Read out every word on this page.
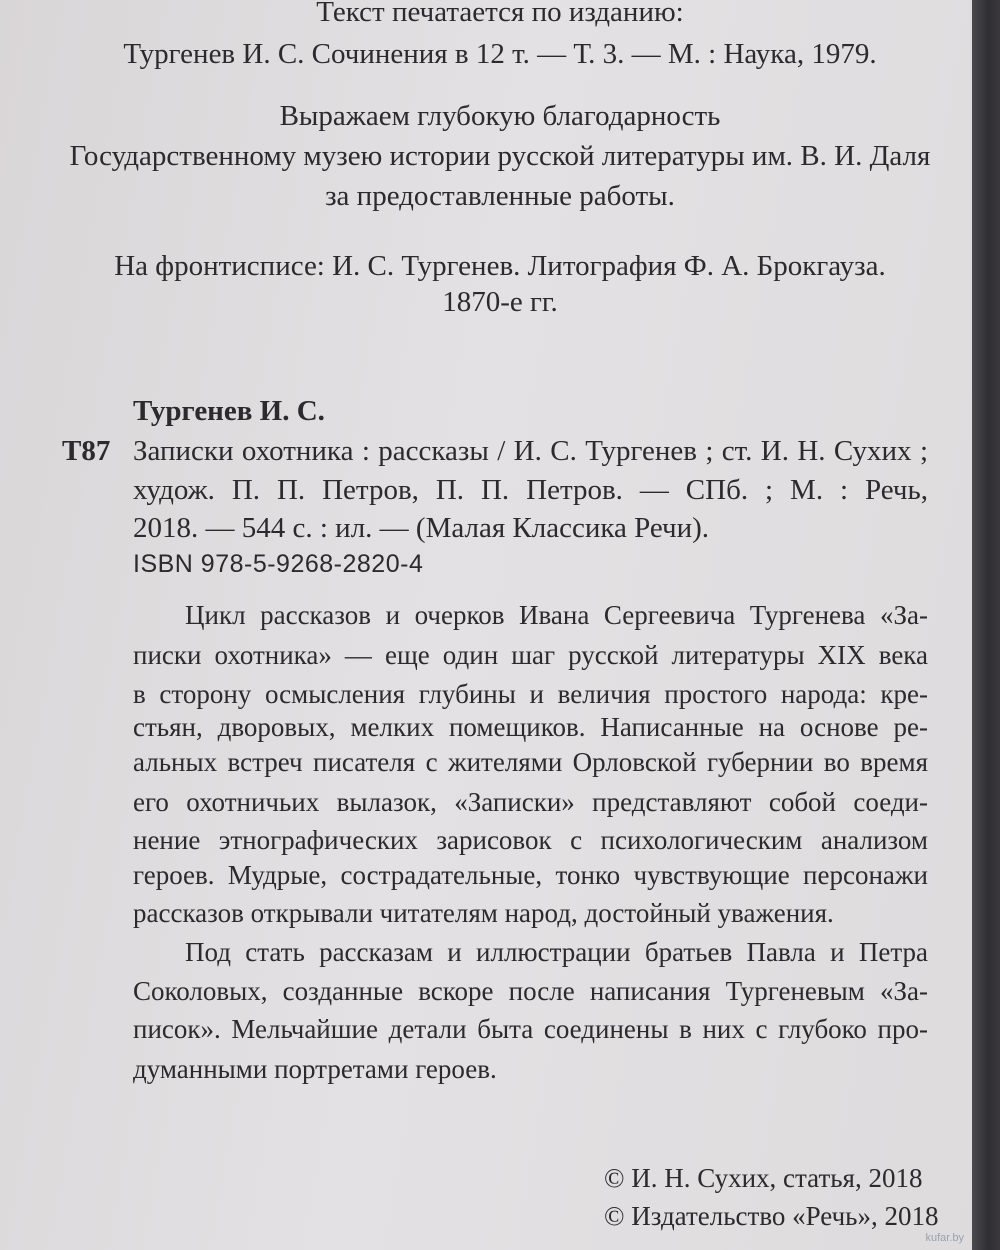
Текст печатается по изданию:
Тургенев И. С. Сочинения в 12 т. — Т. 3. — М. : Наука, 1979.
Выражаем глубокую благодарность
Государственному музею истории русской литературы им. В. И. Даля
за предоставленные работы.
На фронтисписе: И. С. Тургенев. Литография Ф. А. Брокгауза.
1870-е гг.
Тургенев И. С.
Т87 Записки охотника : рассказы / И. С. Тургенев ; ст. И. Н. Сухих ;
худож. П. П. Петров, П. П. Петров. — СПб. ; М. : Речь,
2018. — 544 с. : ил. — (Малая Классика Речи).
ISBN 978-5-9268-2820-4
Цикл рассказов и очерков Ивана Сергеевича Тургенева «За-
писки охотника» — еще один шаг русской литературы XIX века
в сторону осмысления глубины и величия простого народа: кре-
стьян, дворовых, мелких помещиков. Написанные на основе ре-
альных встреч писателя с жителями Орловской губернии во время
его охотничьих вылазок, «Записки» представляют собой соеди-
нение этнографических зарисовок с психологическим анализом
героев. Мудрые, сострадательные, тонко чувствующие персонажи
рассказов открывали читателям народ, достойный уважения.
Под стать рассказам и иллюстрации братьев Павла и Петра
Соколовых, созданные вскоре после написания Тургеневым «За-
писок». Мельчайшие детали быта соединены в них с глубоко про-
думанными портретами героев.
© И. Н. Сухих, статья, 2018
© Издательство «Речь», 2018
kufar.by
